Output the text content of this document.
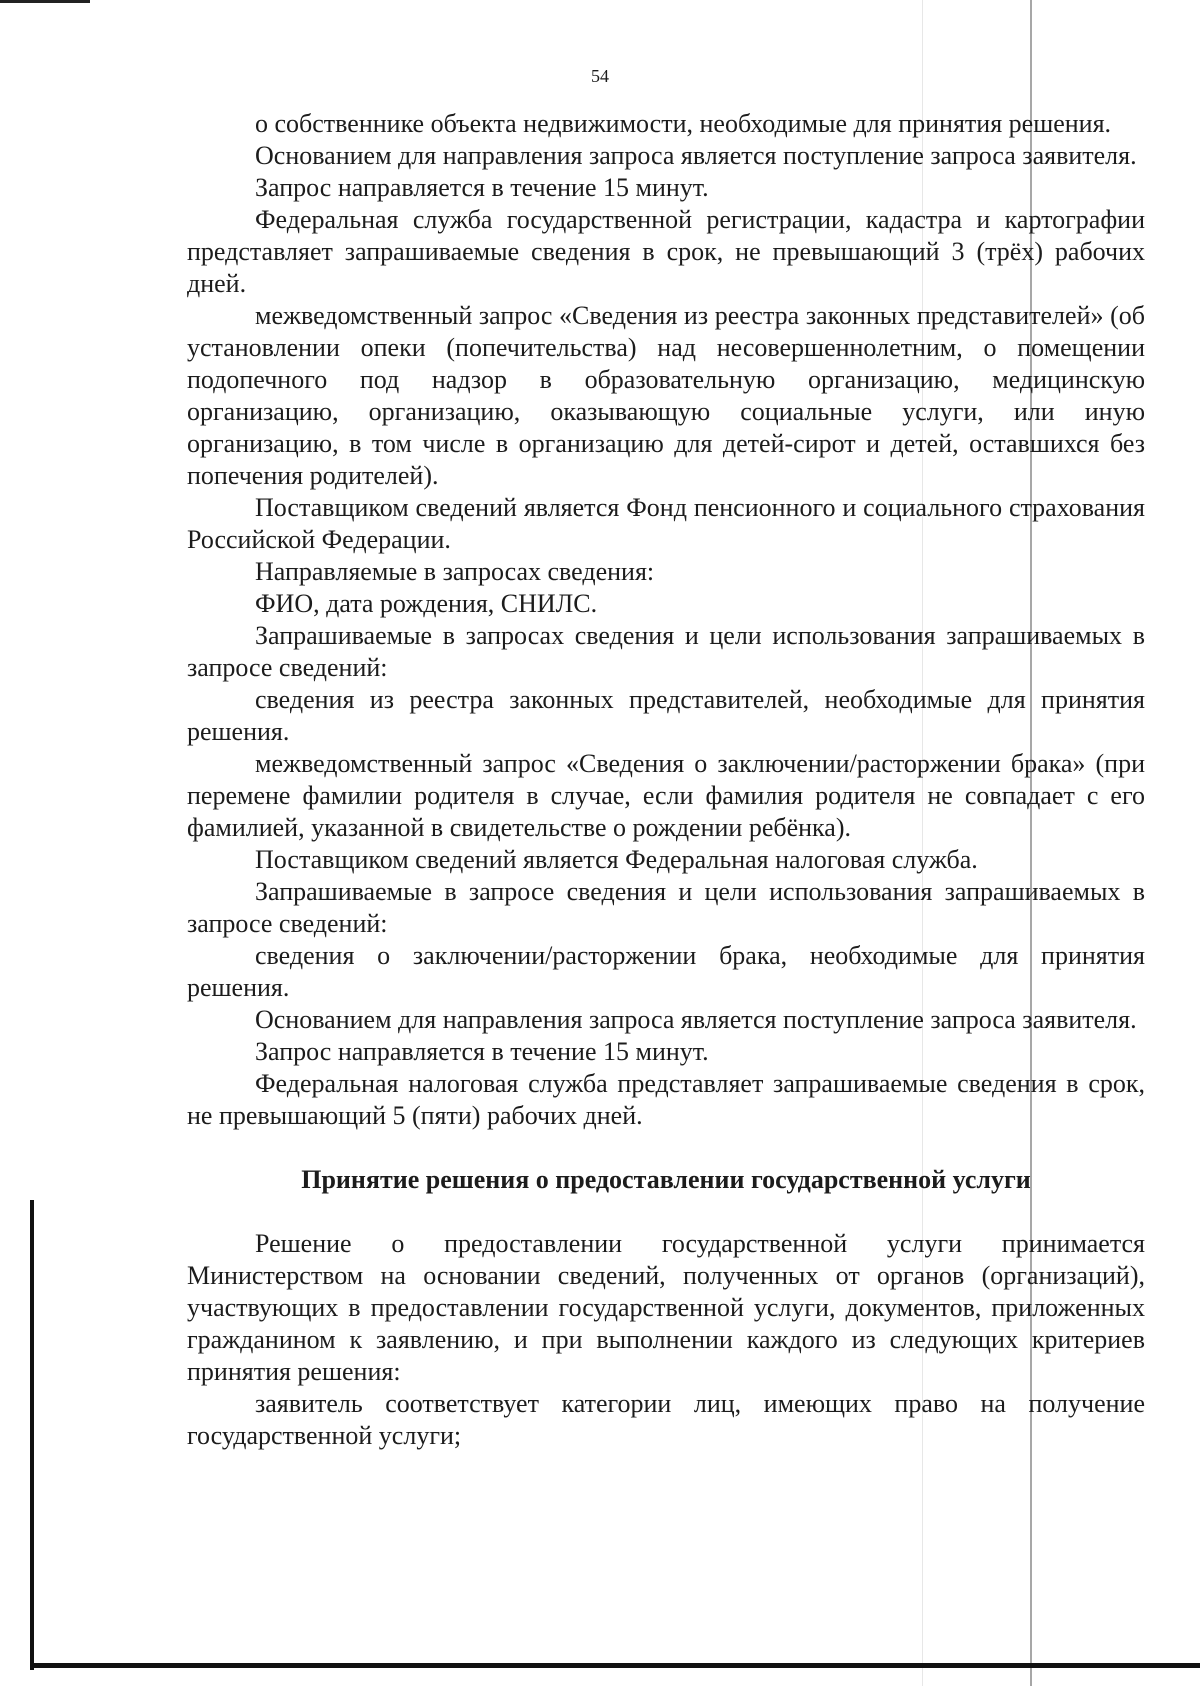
54

о собственнике объекта недвижимости, необходимые для принятия решения.

Основанием для направления запроса является поступление запроса заявителя.

Запрос направляется в течение 15 минут.

Федеральная служба государственной регистрации, кадастра и картографии представляет запрашиваемые сведения в срок, не превышающий 3 (трёх) рабочих дней.

межведомственный запрос «Сведения из реестра законных представителей» (об установлении опеки (попечительства) над несовершеннолетним, о помещении подопечного под надзор в образовательную организацию, медицинскую организацию, организацию, оказывающую социальные услуги, или иную организацию, в том числе в организацию для детей-сирот и детей, оставшихся без попечения родителей).

Поставщиком сведений является Фонд пенсионного и социального страхования Российской Федерации.

Направляемые в запросах сведения:

ФИО, дата рождения, СНИЛС.

Запрашиваемые в запросах сведения и цели использования запрашиваемых в запросе сведений:

сведения из реестра законных представителей, необходимые для принятия решения.

межведомственный запрос «Сведения о заключении/расторжении брака» (при перемене фамилии родителя в случае, если фамилия родителя не совпадает с его фамилией, указанной в свидетельстве о рождении ребёнка).

Поставщиком сведений является Федеральная налоговая служба.

Запрашиваемые в запросе сведения и цели использования запрашиваемых в запросе сведений:

сведения о заключении/расторжении брака, необходимые для принятия решения.

Основанием для направления запроса является поступление запроса заявителя.

Запрос направляется в течение 15 минут.

Федеральная налоговая служба представляет запрашиваемые сведения в срок, не превышающий 5 (пяти) рабочих дней.

Принятие решения о предоставлении государственной услуги

Решение о предоставлении государственной услуги принимается Министерством на основании сведений, полученных от органов (организаций), участвующих в предоставлении государственной услуги, документов, приложенных гражданином к заявлению, и при выполнении каждого из следующих критериев принятия решения:

заявитель соответствует категории лиц, имеющих право на получение государственной услуги;
